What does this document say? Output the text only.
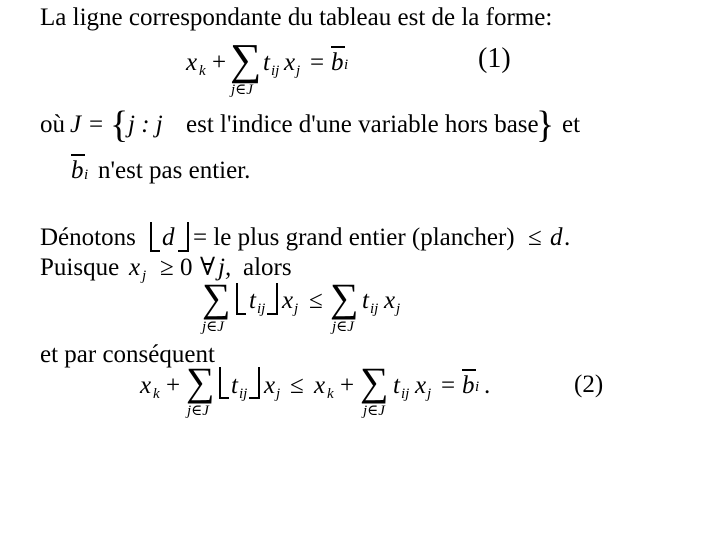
La ligne correspondante du tableau est de la forme:
x k + ∑
j∈J
t ij x j = b i	(1)
où J = { j : j est l'indice d'une variable hors base
} et
b i n'est pas entier.
Dénotons d = le plus grand entier (plancher) ≤ d .
Puisque x j ≥ 0 ∀ j, alors
∑
j∈J
t ij x j ≤ ∑
j∈J
t ij x j
et par conséquent
x k + ∑
j∈J
t ij x j ≤ x k + ∑
j∈J
t ij x j = b i .	(2)
